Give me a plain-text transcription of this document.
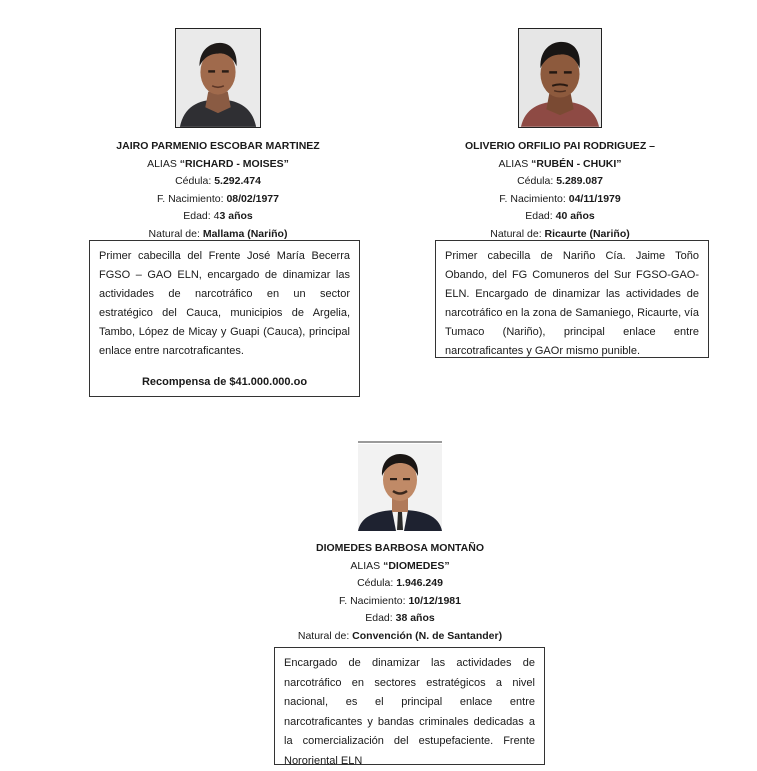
JAIRO PARMENIO ESCOBAR MARTINEZ
ALIAS “RICHARD - MOISES”
Cédula: 5.292.474
F. Nacimiento: 08/02/1977
Edad: 43 años
Natural de: Mallama (Nariño)
Primer cabecilla del Frente José María Becerra FGSO – GAO ELN, encargado de dinamizar las actividades de narcotráfico en un sector estratégico del Cauca, municipios de Argelia, Tambo, López de Micay y Guapi (Cauca), principal enlace entre narcotraficantes.
Recompensa de $41.000.000.oo
OLIVERIO ORFILIO PAI RODRIGUEZ –
ALIAS “RUBÉN - CHUKI”
Cédula: 5.289.087
F. Nacimiento: 04/11/1979
Edad: 40 años
Natural de: Ricaurte (Nariño)
Primer cabecilla de Nariño Cía. Jaime Toño Obando, del FG Comuneros del Sur FGSO-GAO-ELN. Encargado de dinamizar las actividades de narcotráfico en la zona de Samaniego, Ricaurte, vía Tumaco (Nariño), principal enlace entre narcotraficantes y GAOr mismo punible.
DIOMEDES BARBOSA MONTAÑO
ALIAS “DIOMEDES”
Cédula: 1.946.249
F. Nacimiento: 10/12/1981
Edad: 38 años
Natural de: Convención (N. de Santander)
Encargado de dinamizar las actividades de narcotráfico en sectores estratégicos a nivel nacional, es el principal enlace entre narcotraficantes y bandas criminales dedicadas a la comercialización del estupefaciente. Frente Nororiental ELN
